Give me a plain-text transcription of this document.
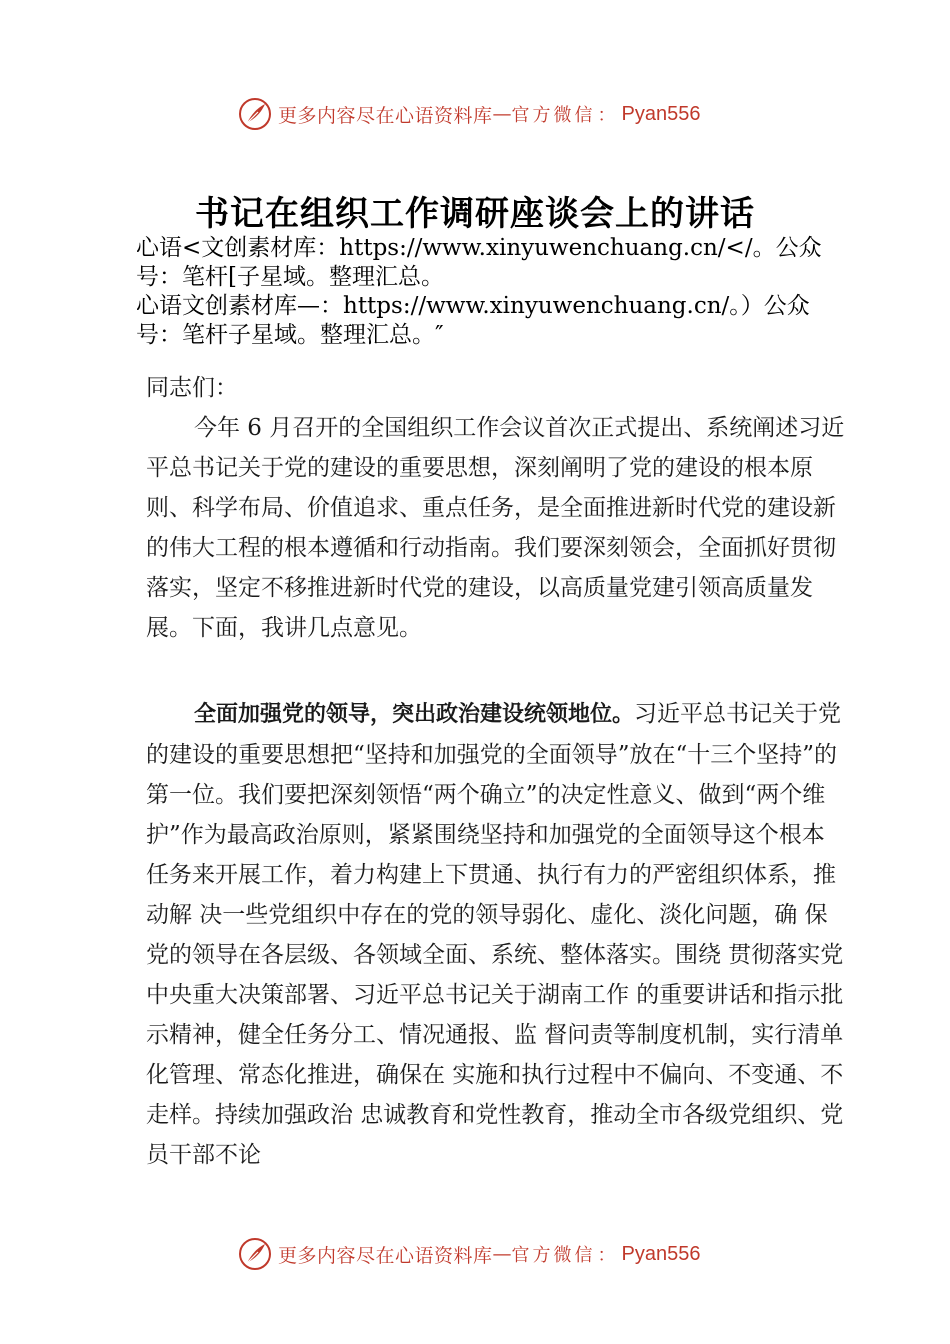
更多内容尽在心语资料库 — 官方微信 ： Pyan556
书记在组织工作调研座谈会上的讲话
心语<文创素材库：https://www.xinyuwenchuang.cn/</。公众号：笔杆[子星域。整理汇总。
心语文创素材库—：https://www.xinyuwenchuang.cn/。）公众号：笔杆子星域。整理汇总。″
同志们：
今年 6 月召开的全国组织工作会议首次正式提出、系统阐述习近平总书记关于党的建设的重要思想，深刻阐明了党的建设的根本原则、科学布局、价值追求、重点任务，是全面推进新时代党的建设新的伟大工程的根本遵循和行动指南。我们要深刻领会，全面抓好贯彻落实，坚定不移推进新时代党的建设，以高质量党建引领高质量发展。下面，我讲几点意见。
全面加强党的领导，突出政治建设统领地位。习近平总书记关于党的建设的重要思想把“坚持和加强党的全面领导”放在“十三个坚持”的第一位。我们要把深刻领悟“两个确立”的决定性意义、做到“两个维护”作为最高政治原则，紧紧围绕坚持和加强党的全面领导这个根本任务来开展工作，着力构建上下贯通、执行有力的严密组织体系，推动解 决一些党组织中存在的党的领导弱化、虚化、淡化问题，确 保党的领导在各层级、各领域全面、系统、整体落实。围绕 贯彻落实党中央重大决策部署、习近平总书记关于湖南工作 的重要讲话和指示批示精神，健全任务分工、情况通报、监 督问责等制度机制，实行清单化管理、常态化推进，确保在 实施和执行过程中不偏向、不变通、不走样。持续加强政治 忠诚教育和党性教育，推动全市各级党组织、党员干部不论
更多内容尽在心语资料库 — 官方微信 ： Pyan556
